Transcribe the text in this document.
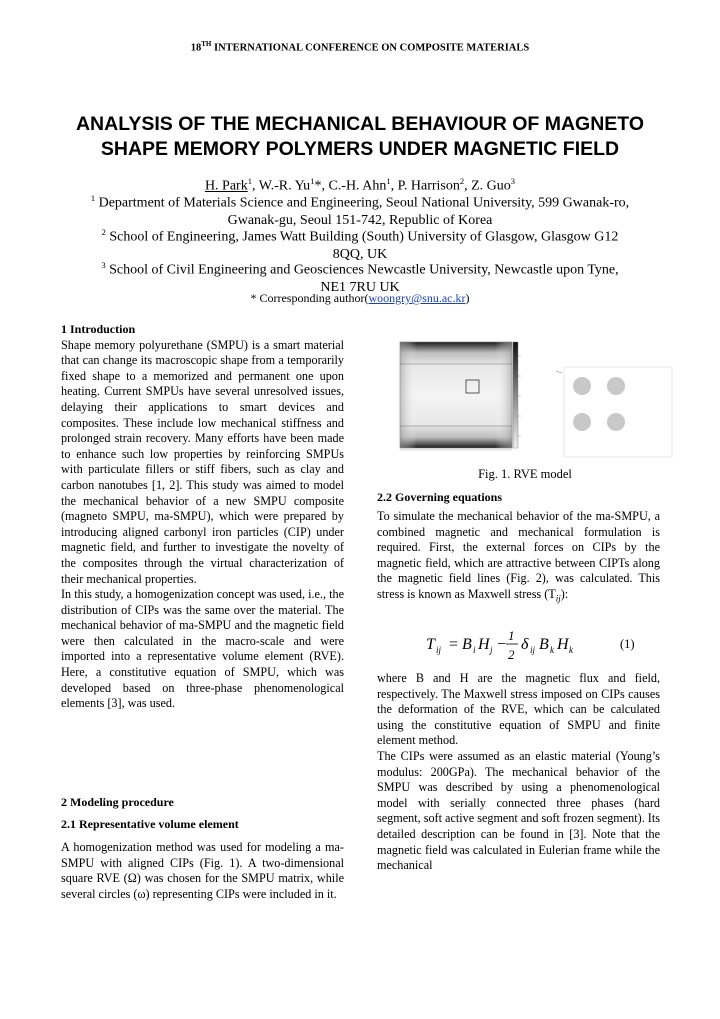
18TH INTERNATIONAL CONFERENCE ON COMPOSITE MATERIALS
ANALYSIS OF THE MECHANICAL BEHAVIOUR OF MAGNETO
SHAPE MEMORY POLYMERS UNDER MAGNETIC FIELD
H. Park$^1$, W.-R. Yu$^1$*, C.-H. Ahn$^1$, P. Harrison$^2$, Z. Guo$^3$
$^1$ Department of Materials Science and Engineering, Seoul National University, 599 Gwanak-ro,
Gwanak-gu, Seoul 151-742, Republic of Korea
$^2$ School of Engineering, James Watt Building (South) University of Glasgow, Glasgow G12
8QQ, UK
$^3$ School of Civil Engineering and Geosciences Newcastle University, Newcastle upon Tyne,
NE1 7RU UK
* Corresponding author(woongry@snu.ac.kr)
1 Introduction

Shape memory polyurethane (SMPU) is a smart material that can change its macroscopic shape from a temporarily fixed shape to a memorized and permanent one upon heating. Current SMPUs have several unresolved issues, delaying their applications to smart devices and composites. These include low mechanical stiffness and prolonged strain recovery. Many efforts have been made to enhance such low properties by reinforcing SMPUs with particulate fillers or stiff fibers, such as clay and carbon nanotubes [1, 2]. This study was aimed to model the mechanical behavior of a new SMPU composite (magneto SMPU, ma-SMPU), which were prepared by introducing aligned carbonyl iron particles (CIP) under magnetic field, and further to investigate the novelty of the composites through the virtual characterization of their mechanical properties.

In this study, a homogenization concept was used, i.e., the distribution of CIPs was the same over the material. The mechanical behavior of ma-SMPU and the magnetic field were then calculated in the macro-scale and were imported into a representative volume element (RVE). Here, a constitutive equation of SMPU, which was developed based on three-phase phenomenological elements [3], was used.

2 Modeling procedure
2.1 Representative volume element
A homogenization method was used for modeling a ma-SMPU with aligned CIPs (Fig. 1). A two-dimensional square RVE (Ω) was chosen for the SMPU matrix, while several circles (ω) representing CIPs were included in it.
Fig. 1. RVE model
2.2 Governing equations
To simulate the mechanical behavior of the ma-SMPU, a combined magnetic and mechanical formulation is required. First, the external forces on CIPs by the magnetic field, which are attractive between CIPTs along the magnetic field lines (Fig. 2), was calculated. This stress is known as Maxwell stress $(T_{ij})$:
T ij = B i H j −
1
2
δ ij B k H k	(1)
where B and H are the magnetic flux and field, respectively. The Maxwell stress imposed on CIPs causes the deformation of the RVE, which can be calculated using the constitutive equation of SMPU and finite element method.
The CIPs were assumed as an elastic material (Young’s modulus: 200GPa). The mechanical behavior of the SMPU was described by using a phenomenological model with serially connected three phases (hard segment, soft active segment and soft frozen segment). Its detailed description can be found in [3]. Note that the magnetic field was calculated in Eulerian frame while the mechanical
